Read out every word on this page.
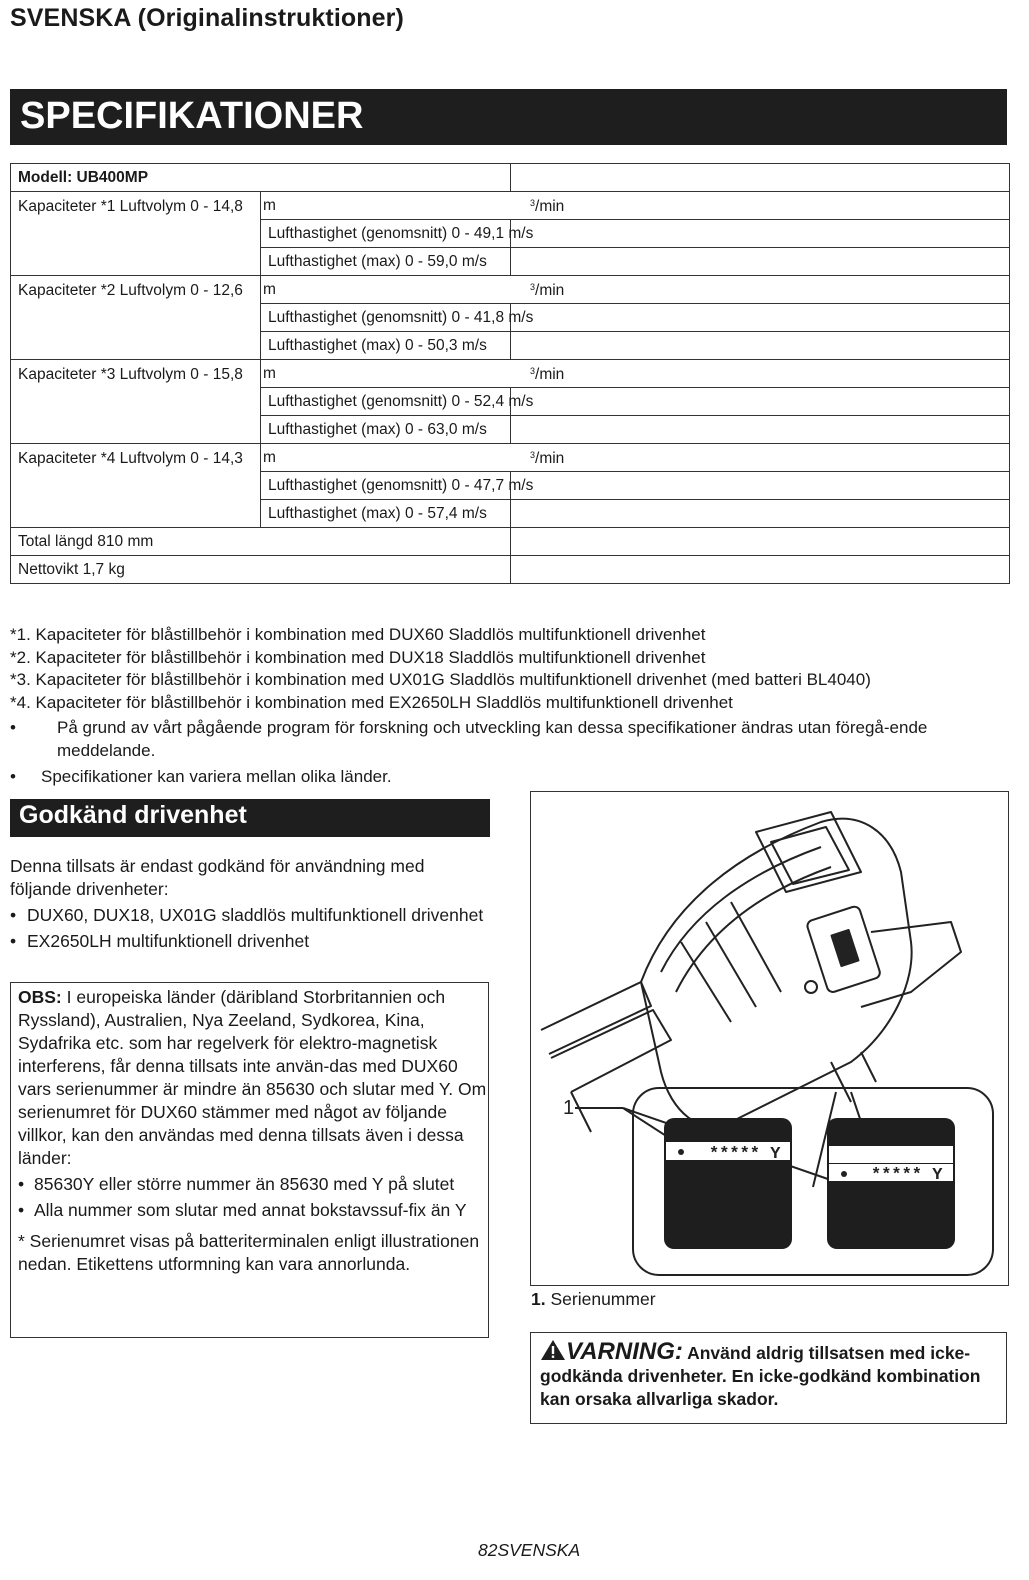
SVENSKA (Originalinstruktioner)
SPECIFIKATIONER
Modell: UB400MP		
Kapaciteter *1 Luftvolym 0 - 14,8	m $^3$/min	

	Lufthastighet (genomsnitt) 0 - 49,1 m/s	
	Lufthastighet (max) 0 - 59,0 m/s	
Kapaciteter *2 Luftvolym 0 - 12,6	m $^3$/min	

	Lufthastighet (genomsnitt) 0 - 41,8 m/s	
	Lufthastighet (max) 0 - 50,3 m/s	
Kapaciteter *3 Luftvolym 0 - 15,8	m $^3$/min	

	Lufthastighet (genomsnitt) 0 - 52,4 m/s	
	Lufthastighet (max) 0 - 63,0 m/s	
Kapaciteter *4 Luftvolym 0 - 14,3	m $^3$/min	

	Lufthastighet (genomsnitt) 0 - 47,7 m/s	
	Lufthastighet (max) 0 - 57,4 m/s	
Total längd 810 mm		
Nettovikt 1,7 kg		

*1. Kapaciteter för blåstillbehör i kombination med DUX60 Sladdlös multifunktionell drivenhet

*2. Kapaciteter för blåstillbehör i kombination med DUX18 Sladdlös multifunktionell drivenhet

*3. Kapaciteter för blåstillbehör i kombination med UX01G Sladdlös multifunktionell drivenhet (med batteri BL4040)

*4. Kapaciteter för blåstillbehör i kombination med EX2650LH Sladdlös multifunktionell drivenhet

• På grund av vårt pågående program för forskning och utveckling kan dessa specifikationer ändras utan föregå-ende meddelande.

• Specifikationer kan variera mellan olika länder.

Godkänd drivenhet

Denna tillsats är endast godkänd för användning med följande drivenheter:

• DUX60, DUX18, UX01G sladdlös multifunktionell drivenhet

• EX2650LH multifunktionell drivenhet

OBS: I europeiska länder (däribland Storbritannien och Ryssland), Australien, Nya Zeeland, Sydkorea, Kina, Sydafrika etc. som har regelverk för elektro-magnetisk interferens, får denna tillsats inte använ-das med DUX60 vars serienummer är mindre än 85630 och slutar med Y. Om serienumret för DUX60 stämmer med något av följande villkor, kan den användas med denna tillsats även i dessa länder:

• 85630Y eller större nummer än 85630 med Y på slutet

• Alla nummer som slutar med annat bokstavssuf-fix än Y

* Serienumret visas på batteriterminalen enligt illustrationen nedan. Etikettens utformning kan vara annorlunda.

1
***** Y
***** Y
1. Serienummer
VARNING: Använd aldrig tillsatsen med icke-godkända drivenheter. En icke-godkänd kombination kan orsaka allvarliga skador.
82SVENSKA
